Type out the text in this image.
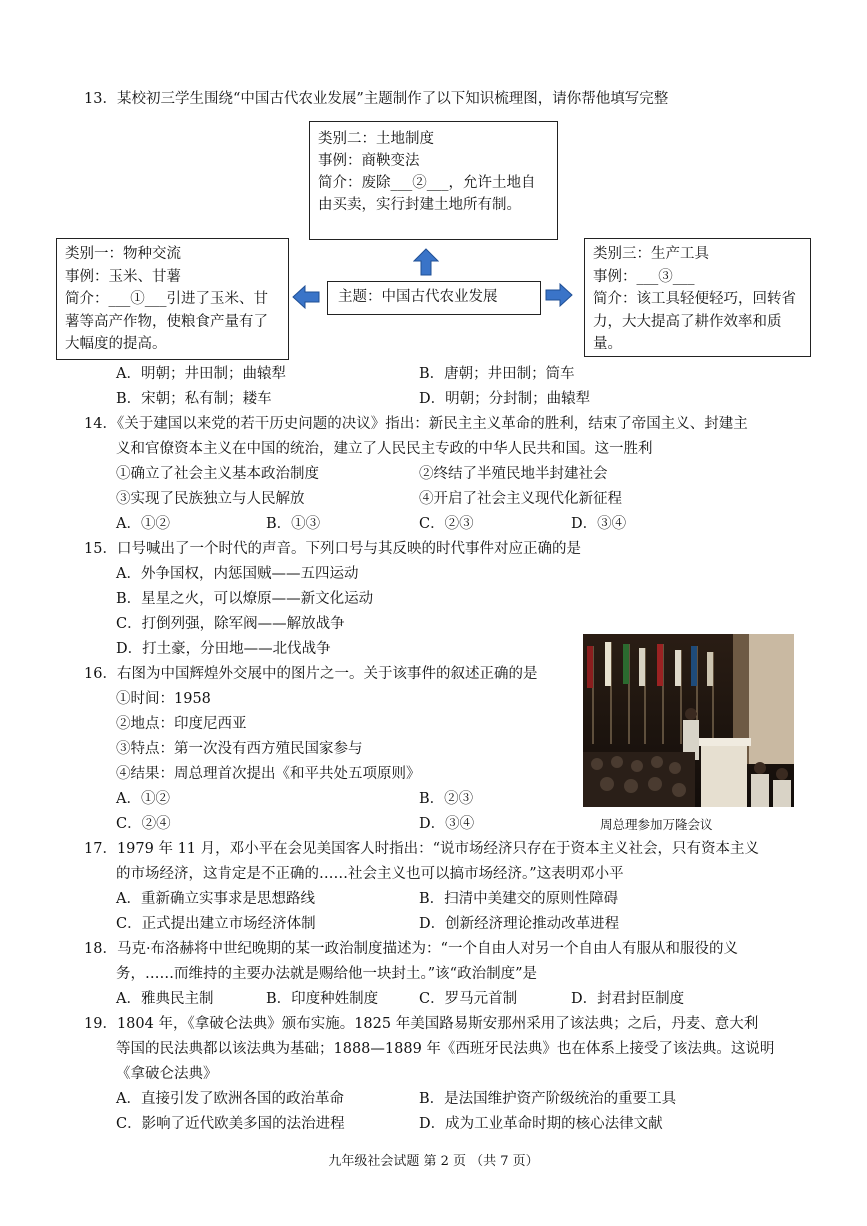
13．某校初三学生围绕“中国古代农业发展”主题制作了以下知识梳理图，请你帮他填写完整
类别二：土地制度
事例：商鞅变法
简介：废除___②___，允许土地自
由买卖，实行封建土地所有制。
类别一：物种交流
事例：玉米、甘薯
简介：___①___引进了玉米、甘
薯等高产作物，使粮食产量有了
大幅度的提高。
主题：中国古代农业发展
类别三：生产工具
事例：___③___
简介：该工具轻便轻巧，回转省
力，大大提高了耕作效率和质
量。
A．明朝；井田制；曲辕犁	B．唐朝；井田制；筒车
B．宋朝；私有制；耧车	D．明朝；分封制；曲辕犁
14．《关于建国以来党的若干历史问题的决议》指出：新民主主义革命的胜利，结束了帝国主义、封建主
义和官僚资本主义在中国的统治，建立了人民民主专政的中华人民共和国。这一胜利
①确立了社会主义基本政治制度	②终结了半殖民地半封建社会
③实现了民族独立与人民解放	④开启了社会主义现代化新征程
A．①②	B．①③	C．②③	D．③④
15．口号喊出了一个时代的声音。下列口号与其反映的时代事件对应正确的是
A．外争国权，内惩国贼——五四运动
B．星星之火，可以燎原——新文化运动
C．打倒列强，除军阀——解放战争
D．打土豪，分田地——北伐战争
16．右图为中国辉煌外交展中的图片之一。关于该事件的叙述正确的是
①时间：1958
②地点：印度尼西亚
③特点：第一次没有西方殖民国家参与
④结果：周总理首次提出《和平共处五项原则》
A．①②	B．②③
C．②④	D．③④	周总理参加万隆会议
17．1979 年 11 月，邓小平在会见美国客人时指出：“说市场经济只存在于资本主义社会，只有资本主义
的市场经济，这肯定是不正确的……社会主义也可以搞市场经济。”这表明邓小平
A．重新确立实事求是思想路线	B．扫清中美建交的原则性障碍
C．正式提出建立市场经济体制	D．创新经济理论推动改革进程
18．马克·布洛赫将中世纪晚期的某一政治制度描述为：“一个自由人对另一个自由人有服从和服役的义
务，……而维持的主要办法就是赐给他一块封土。”该“政治制度”是
A．雅典民主制	B．印度种姓制度	C．罗马元首制	D．封君封臣制度
19．1804 年，《拿破仑法典》颁布实施。1825 年美国路易斯安那州采用了该法典；之后，丹麦、意大利
等国的民法典都以该法典为基础；1888—1889 年《西班牙民法典》也在体系上接受了该法典。这说明
《拿破仑法典》
A．直接引发了欧洲各国的政治革命	B．是法国维护资产阶级统治的重要工具
C．影响了近代欧美多国的法治进程	D．成为工业革命时期的核心法律文献
九年级社会试题 第 2 页 （共 7 页）
